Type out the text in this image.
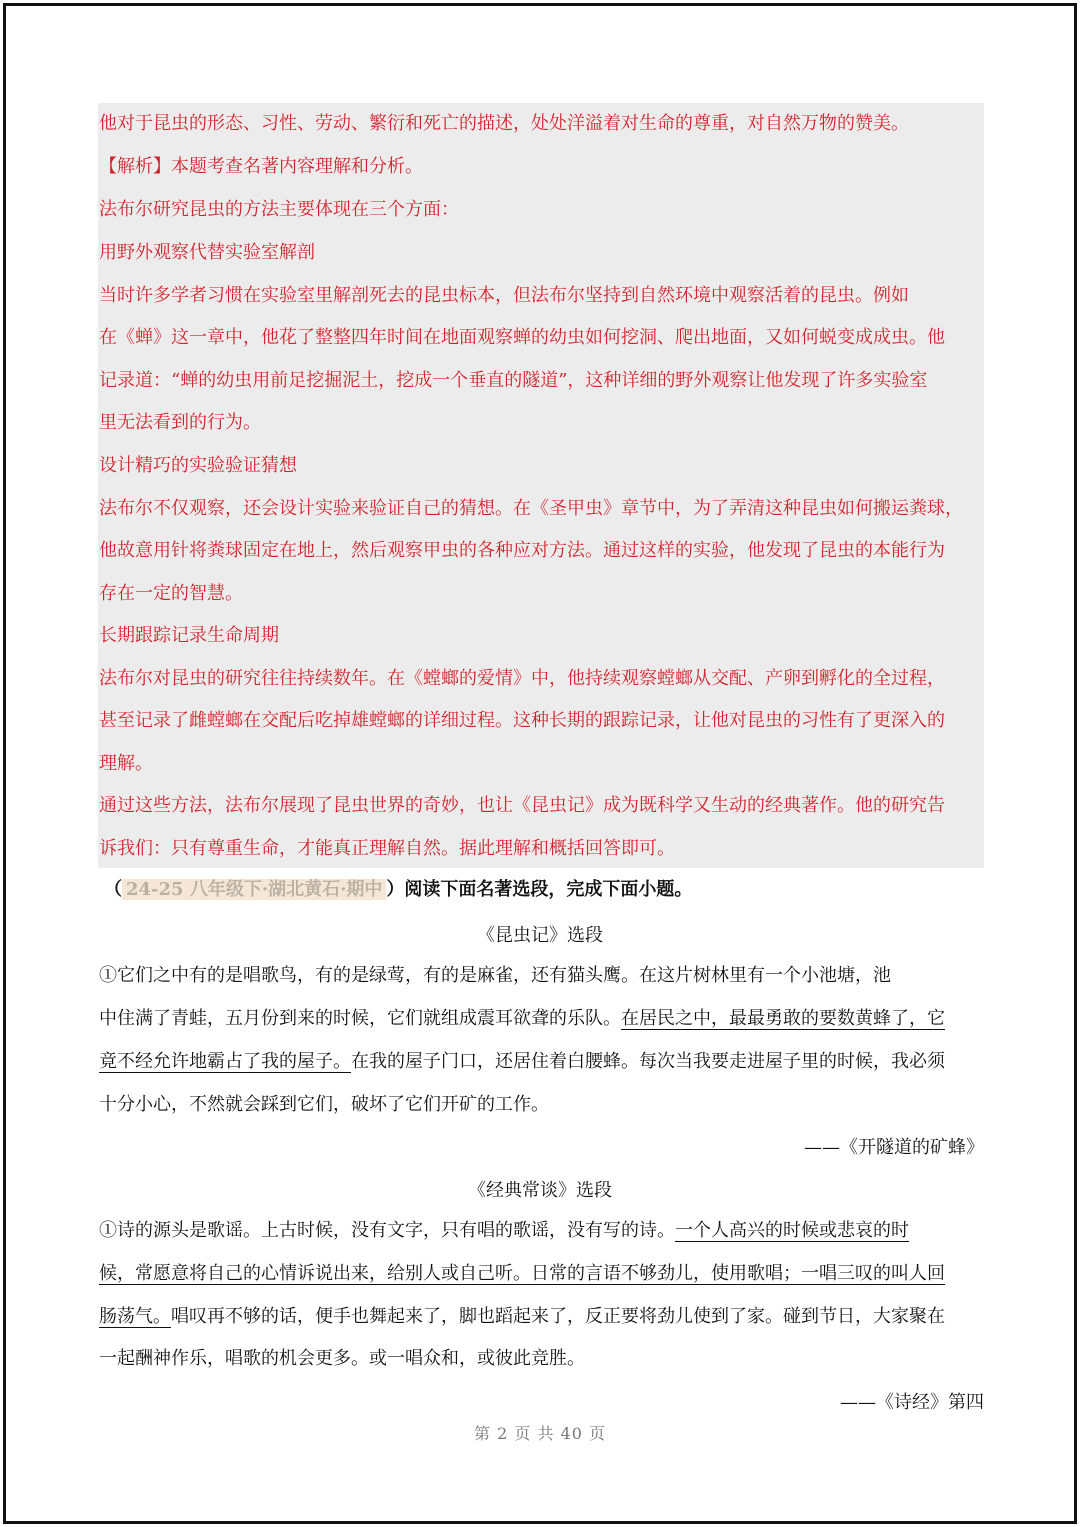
他对于昆虫的形态、习性、劳动、繁衍和死亡的描述，处处洋溢着对生命的尊重，对自然万物的赞美。
【解析】本题考查名著内容理解和分析。
法布尔研究昆虫的方法主要体现在三个方面：
用野外观察代替实验室解剖
当时许多学者习惯在实验室里解剖死去的昆虫标本，但法布尔坚持到自然环境中观察活着的昆虫。例如
在《蝉》这一章中，他花了整整四年时间在地面观察蝉的幼虫如何挖洞、爬出地面，又如何蜕变成成虫。他
记录道：“蝉的幼虫用前足挖掘泥土，挖成一个垂直的隧道”，这种详细的野外观察让他发现了许多实验室
里无法看到的行为。
设计精巧的实验验证猜想
法布尔不仅观察，还会设计实验来验证自己的猜想。在《圣甲虫》章节中，为了弄清这种昆虫如何搬运粪球，
他故意用针将粪球固定在地上，然后观察甲虫的各种应对方法。通过这样的实验，他发现了昆虫的本能行为
存在一定的智慧。
长期跟踪记录生命周期
法布尔对昆虫的研究往往持续数年。在《螳螂的爱情》中，他持续观察螳螂从交配、产卵到孵化的全过程，
甚至记录了雌螳螂在交配后吃掉雄螳螂的详细过程。这种长期的跟踪记录，让他对昆虫的习性有了更深入的
理解。
通过这些方法，法布尔展现了昆虫世界的奇妙，也让《昆虫记》成为既科学又生动的经典著作。他的研究告
诉我们：只有尊重生命，才能真正理解自然。据此理解和概括回答即可。
（ 24-25 八年级下·湖北黄石·期中 ）阅读下面名著选段，完成下面小题。
《昆虫记》选段
①它们之中有的是唱歌鸟，有的是绿莺，有的是麻雀，还有猫头鹰。在这片树林里有一个小池塘，池
中住满了青蛙，五月份到来的时候，它们就组成震耳欲聋的乐队。在居民之中，最最勇敢的要数黄蜂了，它
竟不经允许地霸占了我的屋子。在我的屋子门口，还居住着白腰蜂。每次当我要走进屋子里的时候，我必须
十分小心，不然就会踩到它们，破坏了它们开矿的工作。
——《开隧道的矿蜂》
《经典常谈》选段
①诗的源头是歌谣。上古时候，没有文字，只有唱的歌谣，没有写的诗。一个人高兴的时候或悲哀的时
候，常愿意将自己的心情诉说出来，给别人或自己听。日常的言语不够劲儿，使用歌唱；一唱三叹的叫人回
肠荡气。唱叹再不够的话，便手也舞起来了，脚也蹈起来了，反正要将劲儿使到了家。碰到节日，大家聚在
一起酬神作乐，唱歌的机会更多。或一唱众和，或彼此竞胜。
——《诗经》第四
第 2 页 共 40 页
